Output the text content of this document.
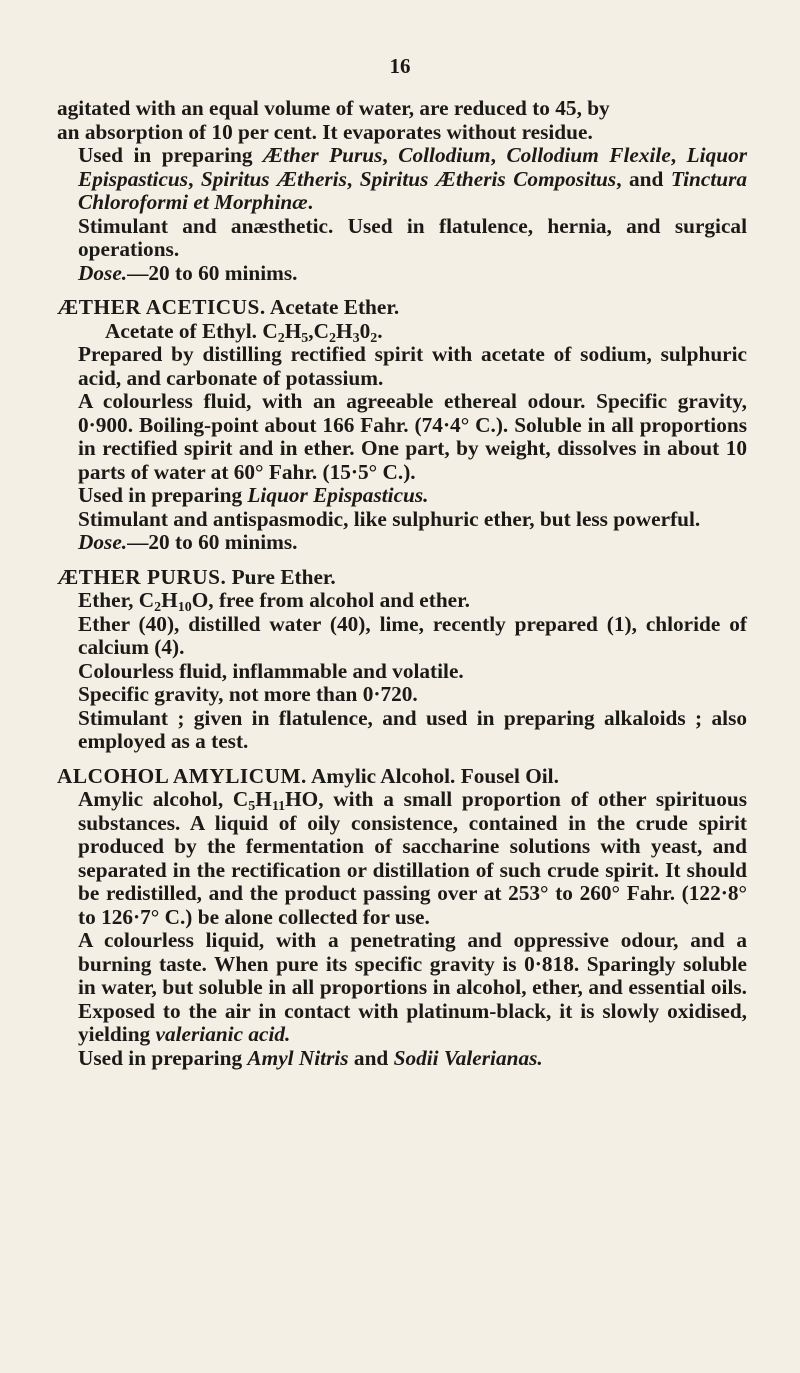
16

agitated with an equal volume of water, are reduced to 45, by

an absorption of 10 per cent. It evaporates without residue.

Used in preparing Æther Purus, Collodium, Collodium Flexile, Liquor Epispasticus, Spiritus Ætheris, Spiritus Ætheris Compositus, and Tinctura Chloroformi et Morphinæ.

Stimulant and anæsthetic. Used in flatulence, hernia, and surgical operations.

Dose.—20 to 60 minims.

ÆTHER ACETICUS. Acetate Ether.

Acetate of Ethyl. $C_2H_5,C_2H_30_2$.

Prepared by distilling rectified spirit with acetate of sodium, sulphuric acid, and carbonate of potassium.

A colourless fluid, with an agreeable ethereal odour. Specific gravity, 0·900. Boiling-point about 166 Fahr. (74·4° C.). Soluble in all proportions in rectified spirit and in ether. One part, by weight, dissolves in about 10 parts of water at 60° Fahr. (15·5° C.).

Used in preparing Liquor Epispasticus.

Stimulant and antispasmodic, like sulphuric ether, but less powerful.

Dose.—20 to 60 minims.

ÆTHER PURUS. Pure Ether.

Ether, $C_2H_{10}O$, free from alcohol and ether.

Ether (40), distilled water (40), lime, recently prepared (1), chloride of calcium (4).

Colourless fluid, inflammable and volatile.

Specific gravity, not more than 0·720.

Stimulant ; given in flatulence, and used in preparing alkaloids ; also employed as a test.

ALCOHOL AMYLICUM. Amylic Alcohol. Fousel Oil.

Amylic alcohol, $C_5H_{11}HO$, with a small proportion of other spirituous substances. A liquid of oily consistence, contained in the crude spirit produced by the fermentation of saccharine solutions with yeast, and separated in the rectification or distillation of such crude spirit. It should be redistilled, and the product passing over at 253° to 260° Fahr. (122·8° to 126·7° C.) be alone collected for use.

A colourless liquid, with a penetrating and oppressive odour, and a burning taste. When pure its specific gravity is 0·818. Sparingly soluble in water, but soluble in all proportions in alcohol, ether, and essential oils. Exposed to the air in contact with platinum-black, it is slowly oxidised, yielding valerianic acid.

Used in preparing Amyl Nitris and Sodii Valerianas.
